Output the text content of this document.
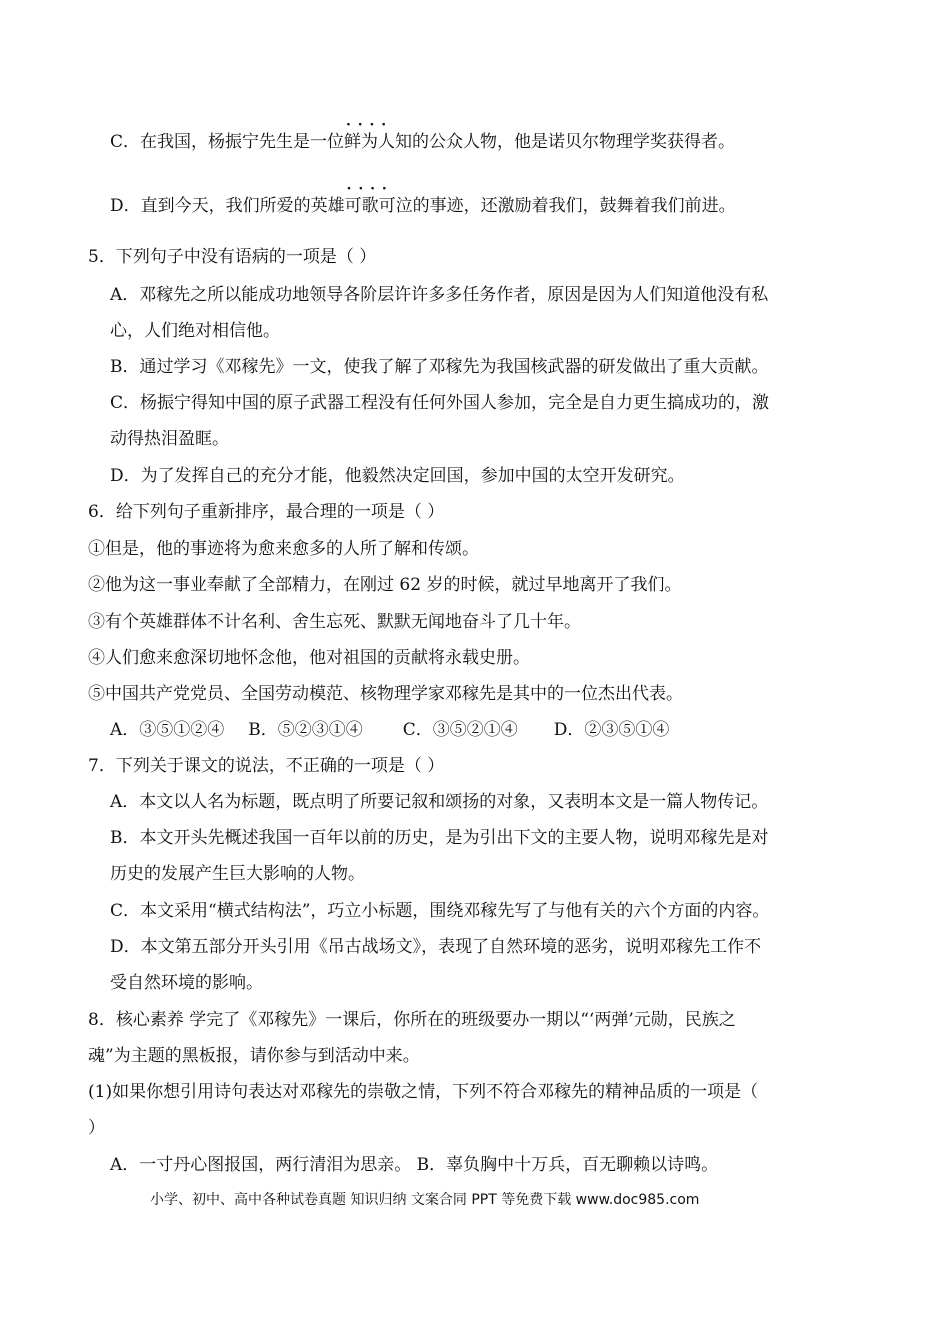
C．在我国，杨振宁先生是一位· · 鲜为人知的公众人物，他是诺贝尔物理学奖获得者。
D．直到今天，我们所爱的英雄· · 可歌可泣的事迹，还激励着我们，鼓舞着我们前进。
5．下列句子中没有语病的一项是（ ）
A．邓稼先之所以能成功地领导各阶层许许多多任务作者，原因是因为人们知道他没有私
心，人们绝对相信他。
B．通过学习《邓稼先》一文，使我了解了邓稼先为我国核武器的研发做出了重大贡献。
C．杨振宁得知中国的原子武器工程没有任何外国人参加，完全是自力更生搞成功的，激
动得热泪盈眶。
D．为了发挥自己的充分才能，他毅然决定回国，参加中国的太空开发研究。
6．给下列句子重新排序，最合理的一项是（ ）
①但是，他的事迹将为愈来愈多的人所了解和传颂。
②他为这一事业奉献了全部精力，在刚过 62 岁的时候，就过早地离开了我们。
③有个英雄群体不计名利、舍生忘死、默默无闻地奋斗了几十年。
④人们愈来愈深切地怀念他，他对祖国的贡献将永载史册。
⑤中国共产党党员、全国劳动模范、核物理学家邓稼先是其中的一位杰出代表。
A．③⑤①②④ B．⑤②③①④ C．③⑤②①④ D．②③⑤①④
7．下列关于课文的说法，不正确的一项是（ ）
A．本文以人名为标题，既点明了所要记叙和颂扬的对象，又表明本文是一篇人物传记。
B．本文开头先概述我国一百年以前的历史，是为引出下文的主要人物，说明邓稼先是对
历史的发展产生巨大影响的人物。
C．本文采用“横式结构法”，巧立小标题，围绕邓稼先写了与他有关的六个方面的内容。
D．本文第五部分开头引用《吊古战场文》，表现了自然环境的恶劣，说明邓稼先工作不
受自然环境的影响。
8．核心素养 学完了《邓稼先》一课后，你所在的班级要办一期以“‘两弹’元勋，民族之
魂”为主题的黑板报，请你参与到活动中来。
(1)如果你想引用诗句表达对邓稼先的崇敬之情，下列不符合邓稼先的精神品质的一项是（
）
A．一寸丹心图报国，两行清泪为思亲。 B．辜负胸中十万兵，百无聊赖以诗鸣。
小学、初中、高中各种试卷真题 知识归纳 文案合同 PPT 等免费下载 www.doc985.com
